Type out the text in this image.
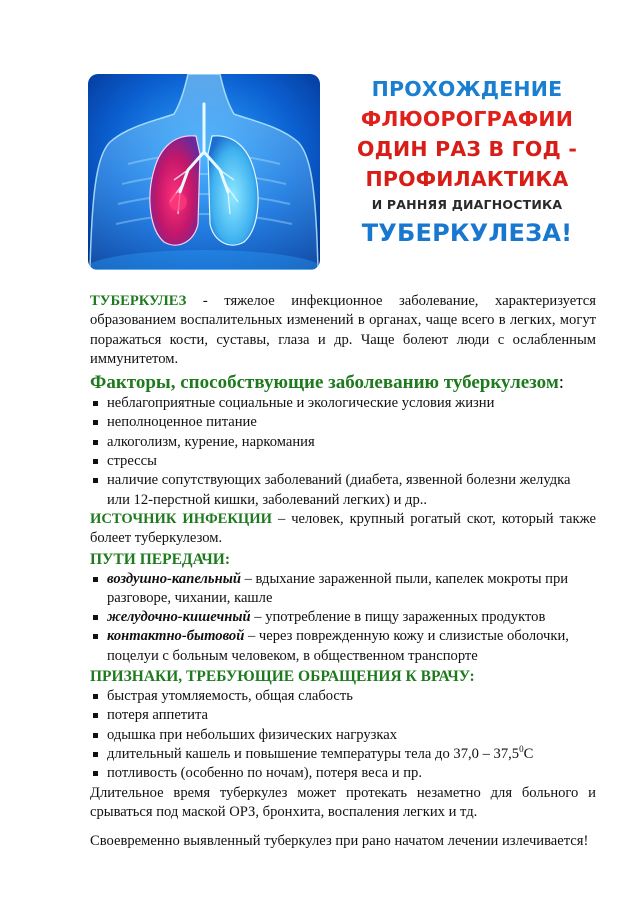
ПРОХОЖДЕНИЕ
ФЛЮОРОГРАФИИ
ОДИН РАЗ В ГОД -
ПРОФИЛАКТИКА
И РАННЯЯ ДИАГНОСТИКА
ТУБЕРКУЛЕЗА!

ТУБЕРКУЛЕЗ - тяжелое инфекционное заболевание, характеризуется образованием воспалительных изменений в органах, чаще всего в легких, могут поражаться кости, суставы, глаза и др. Чаще болеют люди с ослабленным иммунитетом.

Факторы, способствующие заболеванию туберкулезом:
неблагоприятные социальные и экологические условия жизни
неполноценное питание
алкоголизм, курение, наркомания
стрессы
наличие сопутствующих заболеваний (диабета, язвенной болезни желудка или 12-перстной кишки, заболеваний легких) и др..

ИСТОЧНИК ИНФЕКЦИИ – человек, крупный рогатый скот, который также болеет туберкулезом.

ПУТИ ПЕРЕДАЧИ:
воздушно-капельный – вдыхание зараженной пыли, капелек мокроты при разговоре, чихании, кашле
желудочно-кишечный – употребление в пищу зараженных продуктов
контактно-бытовой – через поврежденную кожу и слизистые оболочки, поцелуи с больным человеком, в общественном транспорте
ПРИЗНАКИ, ТРЕБУЮЩИЕ ОБРАЩЕНИЯ К ВРАЧУ:
быстрая утомляемость, общая слабость
потеря аппетита
одышка при небольших физических нагрузках
длительный кашель и повышение температуры тела до 37,0 – 37,5$^0$С
потливость (особенно по ночам), потеря веса и пр.

Длительное время туберкулез может протекать незаметно для больного и срываться под маской ОРЗ, бронхита, воспаления легких и тд.

Своевременно выявленный туберкулез при рано начатом лечении излечивается!
